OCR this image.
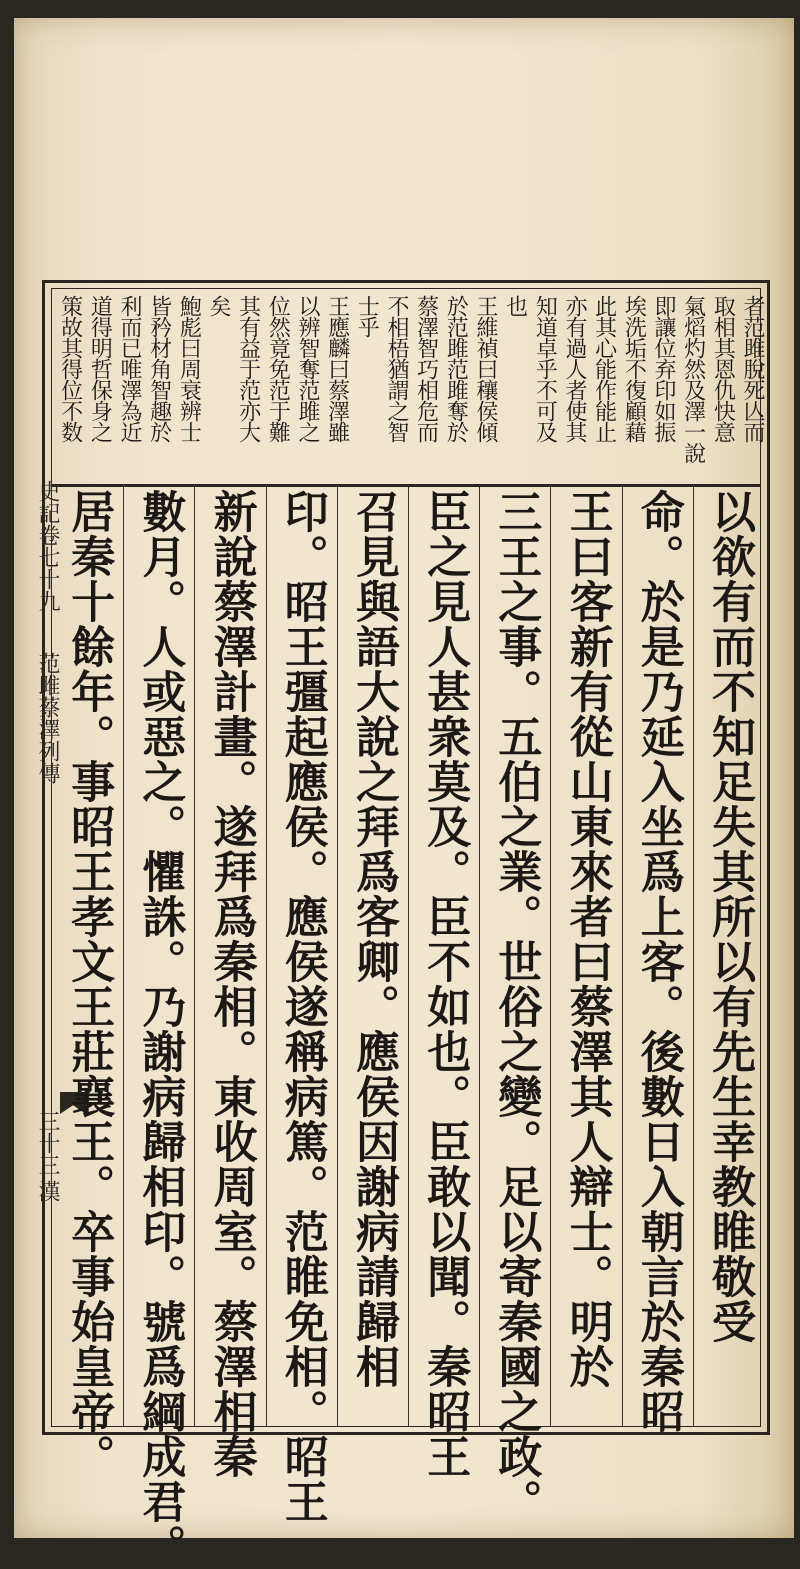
史記卷七十九
范雎蔡澤列傳
三十三
漢
者范雎脫死亾而
取相其恩仇快意
氣熖灼然及澤一說
即讓位弃印如振
埃洗垢不復顧藉
此其心能作能止
亦有過人者使其
知道卓乎不可及
也
王維禎曰穰侯傾
於范雎范雎奪於
蔡澤智巧相危而
不相梧猶謂之智
士乎
王應麟曰蔡澤雖
以辨智奪范雎之
位然竟免范于難
其有益于范亦大
矣
鮑彪曰周衰辨士
皆矜材角智趣於
利而已唯澤為近
道得明哲保身之
策故其得位不数
以欲有而不知足失其所以有先生幸教睢敬受
命。於是乃延入坐爲上客。後數日入朝言於秦昭
王曰客新有從山東來者曰蔡澤其人辯士。明於
三王之事。五伯之業。世俗之變。足以寄秦國之政。
臣之見人甚衆莫及。臣不如也。臣敢以聞。秦昭王
召見與語大說之拜爲客卿。應侯因謝病請歸相
印。昭王彊起應侯。應侯遂稱病篤。范睢免相。昭王
新說蔡澤計畫。遂拜爲秦相。東收周室。蔡澤相秦
數月。人或惡之。懼誅。乃謝病歸相印。號爲綱成君。
居秦十餘年。事昭王孝文王莊襄王。卒事始皇帝。
